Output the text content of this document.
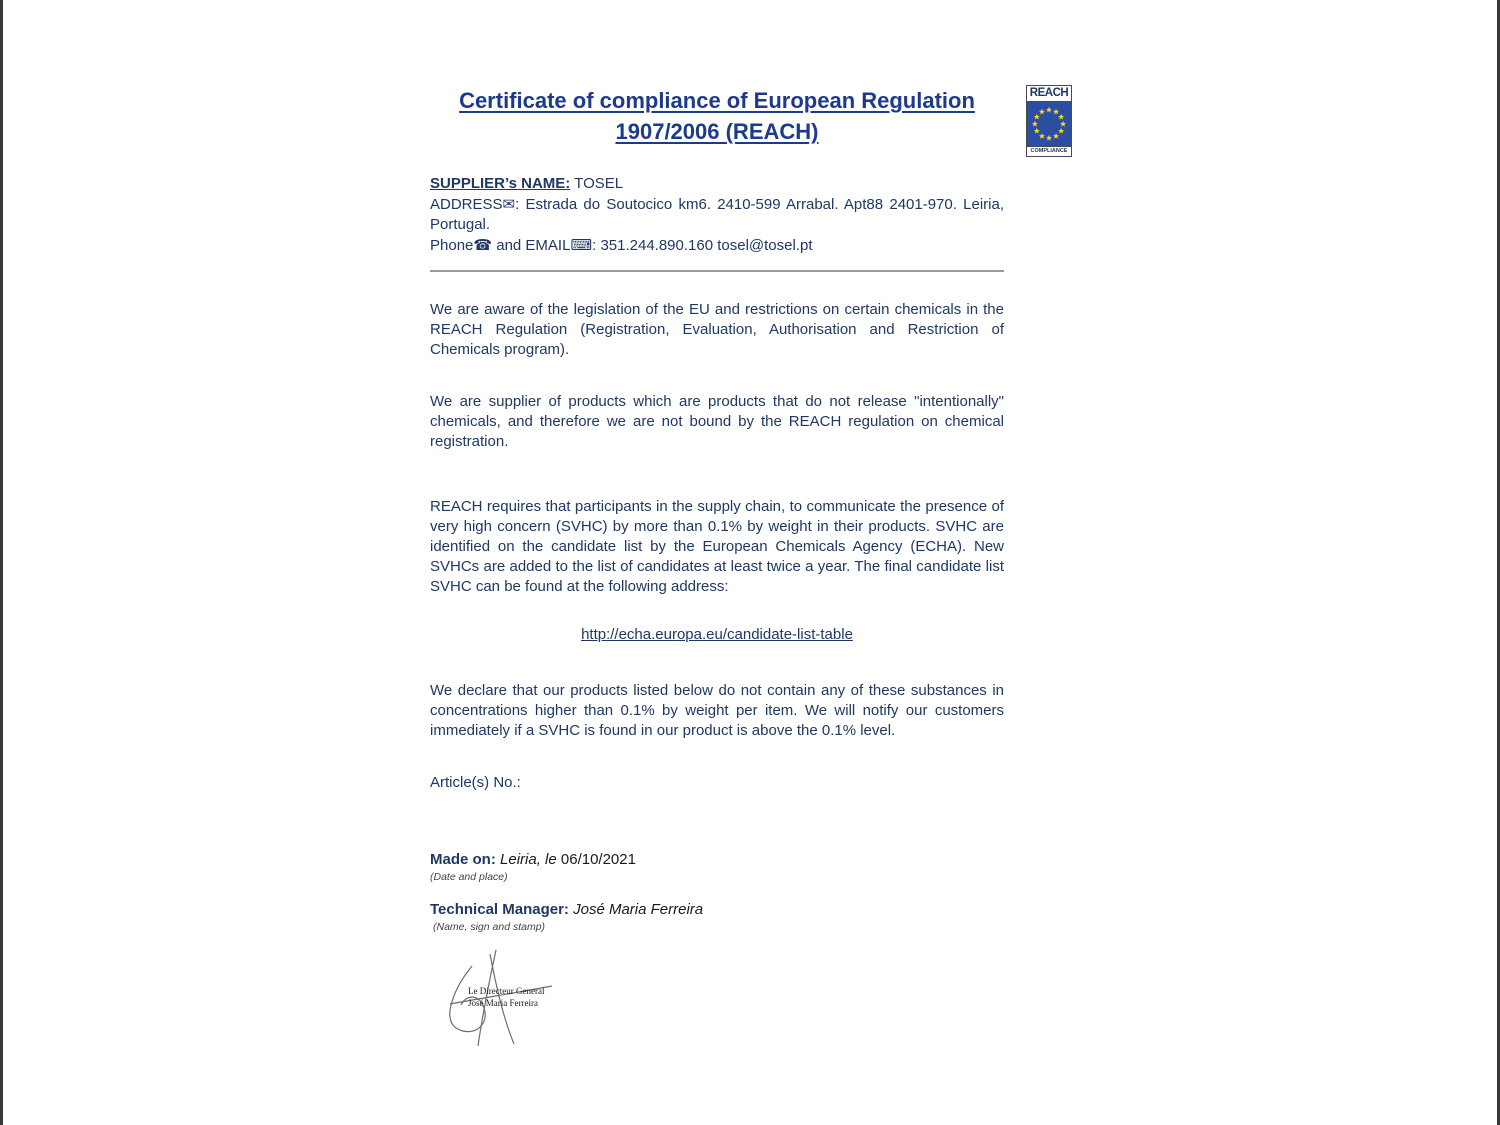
REACH
COMPLIANCE
Certificate of compliance of European Regulation
1907/2006 (REACH)
SUPPLIER’s NAME: TOSEL
ADDRESS✉: Estrada do Soutocico km6. 2410-599 Arrabal. Apt88 2401-970. Leiria, Portugal.
Phone☎ and EMAIL⌨: 351.244.890.160 tosel@tosel.pt

We are aware of the legislation of the EU and restrictions on certain chemicals in the REACH Regulation (Registration, Evaluation, Authorisation and Restriction of Chemicals program).

We are supplier of products which are products that do not release "intentionally" chemicals, and therefore we are not bound by the REACH regulation on chemical registration.

REACH requires that participants in the supply chain, to communicate the presence of very high concern (SVHC) by more than 0.1% by weight in their products. SVHC are identified on the candidate list by the European Chemicals Agency (ECHA). New SVHCs are added to the list of candidates at least twice a year. The final candidate list SVHC can be found at the following address:

http://echa.europa.eu/candidate-list-table

We declare that our products listed below do not contain any of these substances in concentrations higher than 0.1% by weight per item. We will notify our customers immediately if a SVHC is found in our product is above the 0.1% level.

Article(s) No.:
Made on: Leiria, le 06/10/2021
(Date and place)
Technical Manager: José Maria Ferreira
(Name, sign and stamp)
Le Directeur General
José Maria Ferreira
